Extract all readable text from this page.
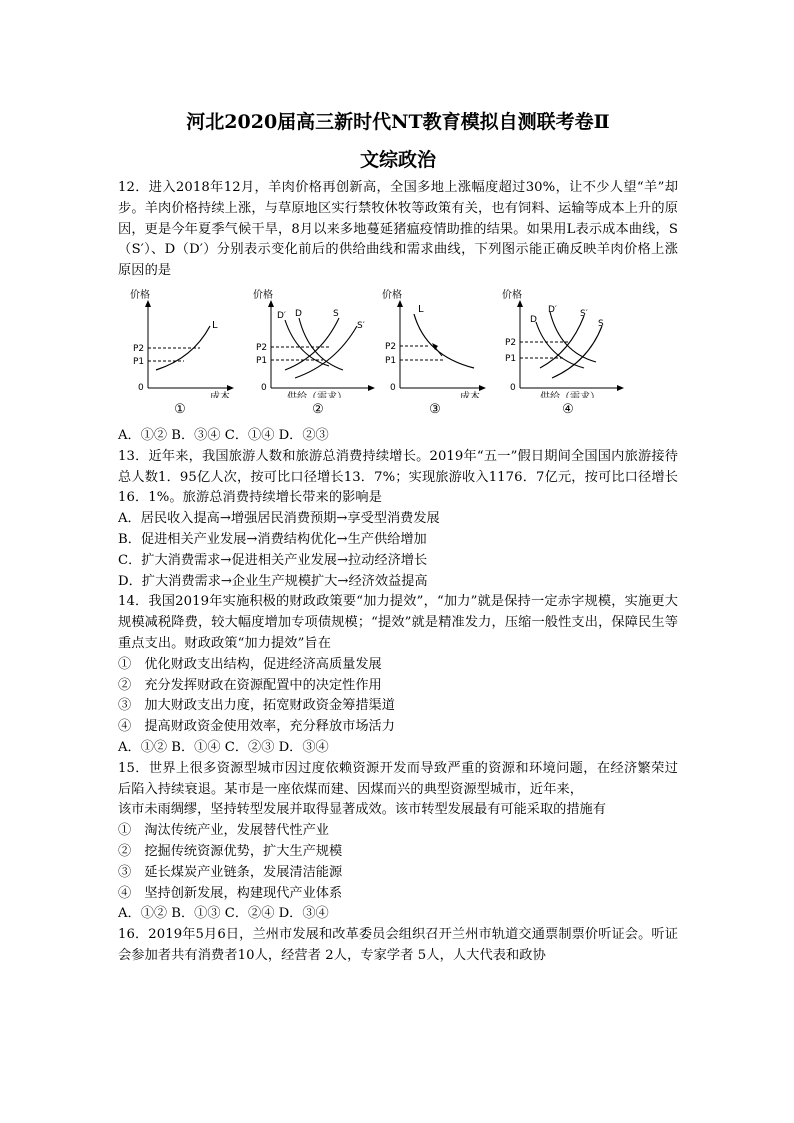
河北2020届高三新时代NT教育模拟自测联考卷Ⅱ
文综政治
12．进入2018年12月，羊肉价格再创新高，全国多地上涨幅度超过30%，让不少人望“羊”却步。羊肉价格持续上涨，与草原地区实行禁牧休牧等政策有关，也有饲料、运输等成本上升的原因，更是今年夏季气候干旱，8月以来多地蔓延猪瘟疫情助推的结果。如果用L表示成本曲线，S（S′）、D（D′）分别表示变化前后的供给曲线和需求曲线，下列图示能正确反映羊肉价格上涨原因的是
价格
0
成本
L
P2
P1
价格
0
供给（需求）
D′ D	S
S′
P2
P1
价格
0
成本
L
P2
P1
价格
0
供给（需求）
D
D′	S′
S
P2
P1
①	②	③	④
A．①② B．③④ C．①④ D．②③
13．近年来，我国旅游人数和旅游总消费持续增长。2019年“五一”假日期间全国国内旅游接待总人数1．95亿人次，按可比口径增长13．7%；实现旅游收入1176．7亿元，按可比口径增长16．1%。旅游总消费持续增长带来的影响是
A．居民收入提高→增强居民消费预期→享受型消费发展
B．促进相关产业发展→消费结构优化→生产供给增加
C．扩大消费需求→促进相关产业发展→拉动经济增长
D．扩大消费需求→企业生产规模扩大→经济效益提高
14．我国2019年实施积极的财政政策要“加力提效”，“加力”就是保持一定赤字规模，实施更大规模减税降费，较大幅度增加专项债规模；“提效”就是精准发力，压缩一般性支出，保障民生等重点支出。财政政策“加力提效”旨在
①　优化财政支出结构，促进经济高质量发展
②　充分发挥财政在资源配置中的决定性作用
③　加大财政支出力度，拓宽财政资金筹措渠道
④　提高财政资金使用效率，充分释放市场活力
A．①② B．①④ C．②③ D．③④
15．世界上很多资源型城市因过度依赖资源开发而导致严重的资源和环境问题，在经济繁荣过后陷入持续衰退。某市是一座依煤而建、因煤而兴的典型资源型城市，近年来，
该市未雨绸缪，坚持转型发展并取得显著成效。该市转型发展最有可能采取的措施有
①　淘汰传统产业，发展替代性产业
②　挖掘传统资源优势，扩大生产规模
③　延长煤炭产业链条，发展清洁能源
④　坚持创新发展，构建现代产业体系
A．①② B．①③ C．②④ D．③④
16．2019年5月6日，兰州市发展和改革委员会组织召开兰州市轨道交通票制票价听证会。听证会参加者共有消费者10人，经营者 2人，专家学者 5人，人大代表和政协
